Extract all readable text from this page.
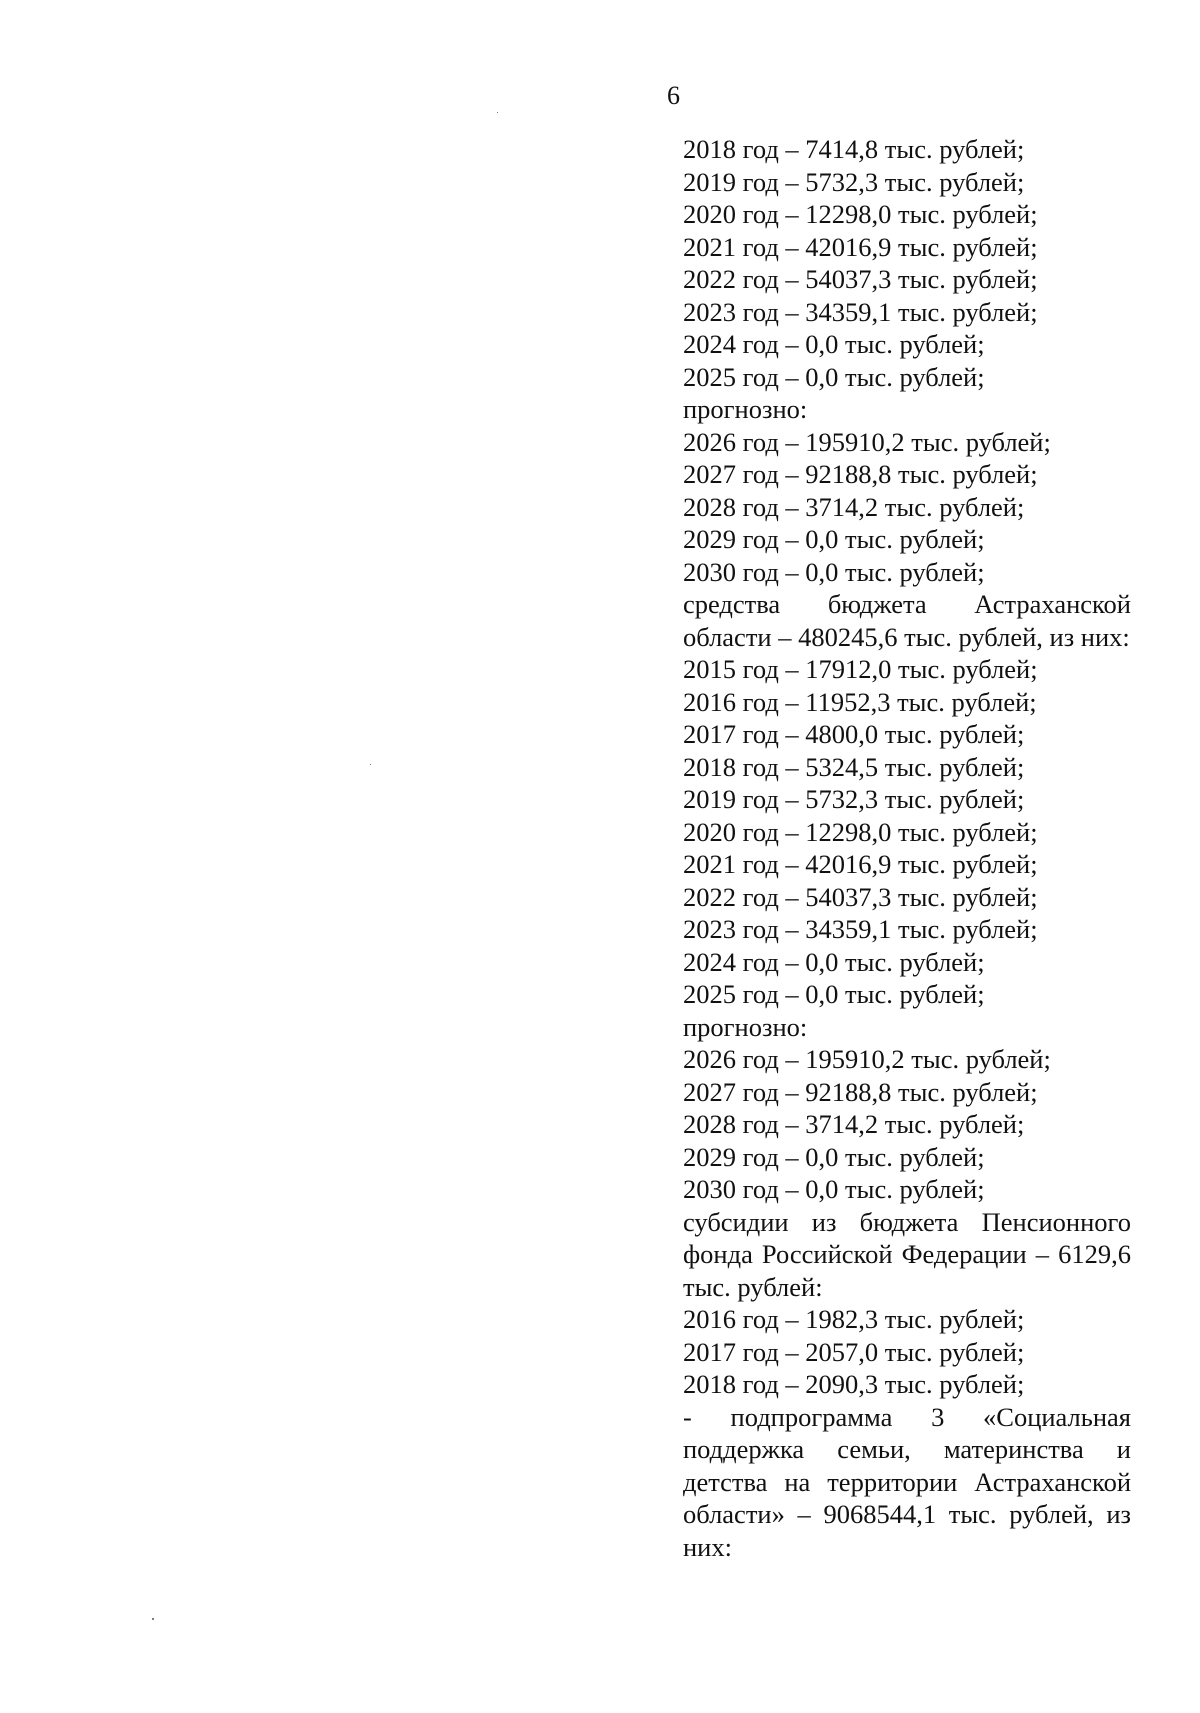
6
2018 год – 7414,8 тыс. рублей;
2019 год – 5732,3 тыс. рублей;
2020 год – 12298,0 тыс. рублей;
2021 год – 42016,9 тыс. рублей;
2022 год – 54037,3 тыс. рублей;
2023 год – 34359,1 тыс. рублей;
2024 год – 0,0 тыс. рублей;
2025 год – 0,0 тыс. рублей;
прогнозно:
2026 год – 195910,2 тыс. рублей;
2027 год – 92188,8 тыс. рублей;
2028 год – 3714,2 тыс. рублей;
2029 год – 0,0 тыс. рублей;
2030 год – 0,0 тыс. рублей;
средства бюджета Астраханской области – 480245,6 тыс. рублей, из них:
2015 год – 17912,0 тыс. рублей;
2016 год – 11952,3 тыс. рублей;
2017 год – 4800,0 тыс. рублей;
2018 год – 5324,5 тыс. рублей;
2019 год – 5732,3 тыс. рублей;
2020 год – 12298,0 тыс. рублей;
2021 год – 42016,9 тыс. рублей;
2022 год – 54037,3 тыс. рублей;
2023 год – 34359,1 тыс. рублей;
2024 год – 0,0 тыс. рублей;
2025 год – 0,0 тыс. рублей;
прогнозно:
2026 год – 195910,2 тыс. рублей;
2027 год – 92188,8 тыс. рублей;
2028 год – 3714,2 тыс. рублей;
2029 год – 0,0 тыс. рублей;
2030 год – 0,0 тыс. рублей;
субсидии из бюджета Пенсионного фонда Российской Федерации – 6129,6 тыс. рублей:
2016 год – 1982,3 тыс. рублей;
2017 год – 2057,0 тыс. рублей;
2018 год – 2090,3 тыс. рублей;
- подпрограмма 3 «Социальная поддержка семьи, материнства и детства на территории Астраханской области» – 9068544,1 тыс. рублей, из них:
